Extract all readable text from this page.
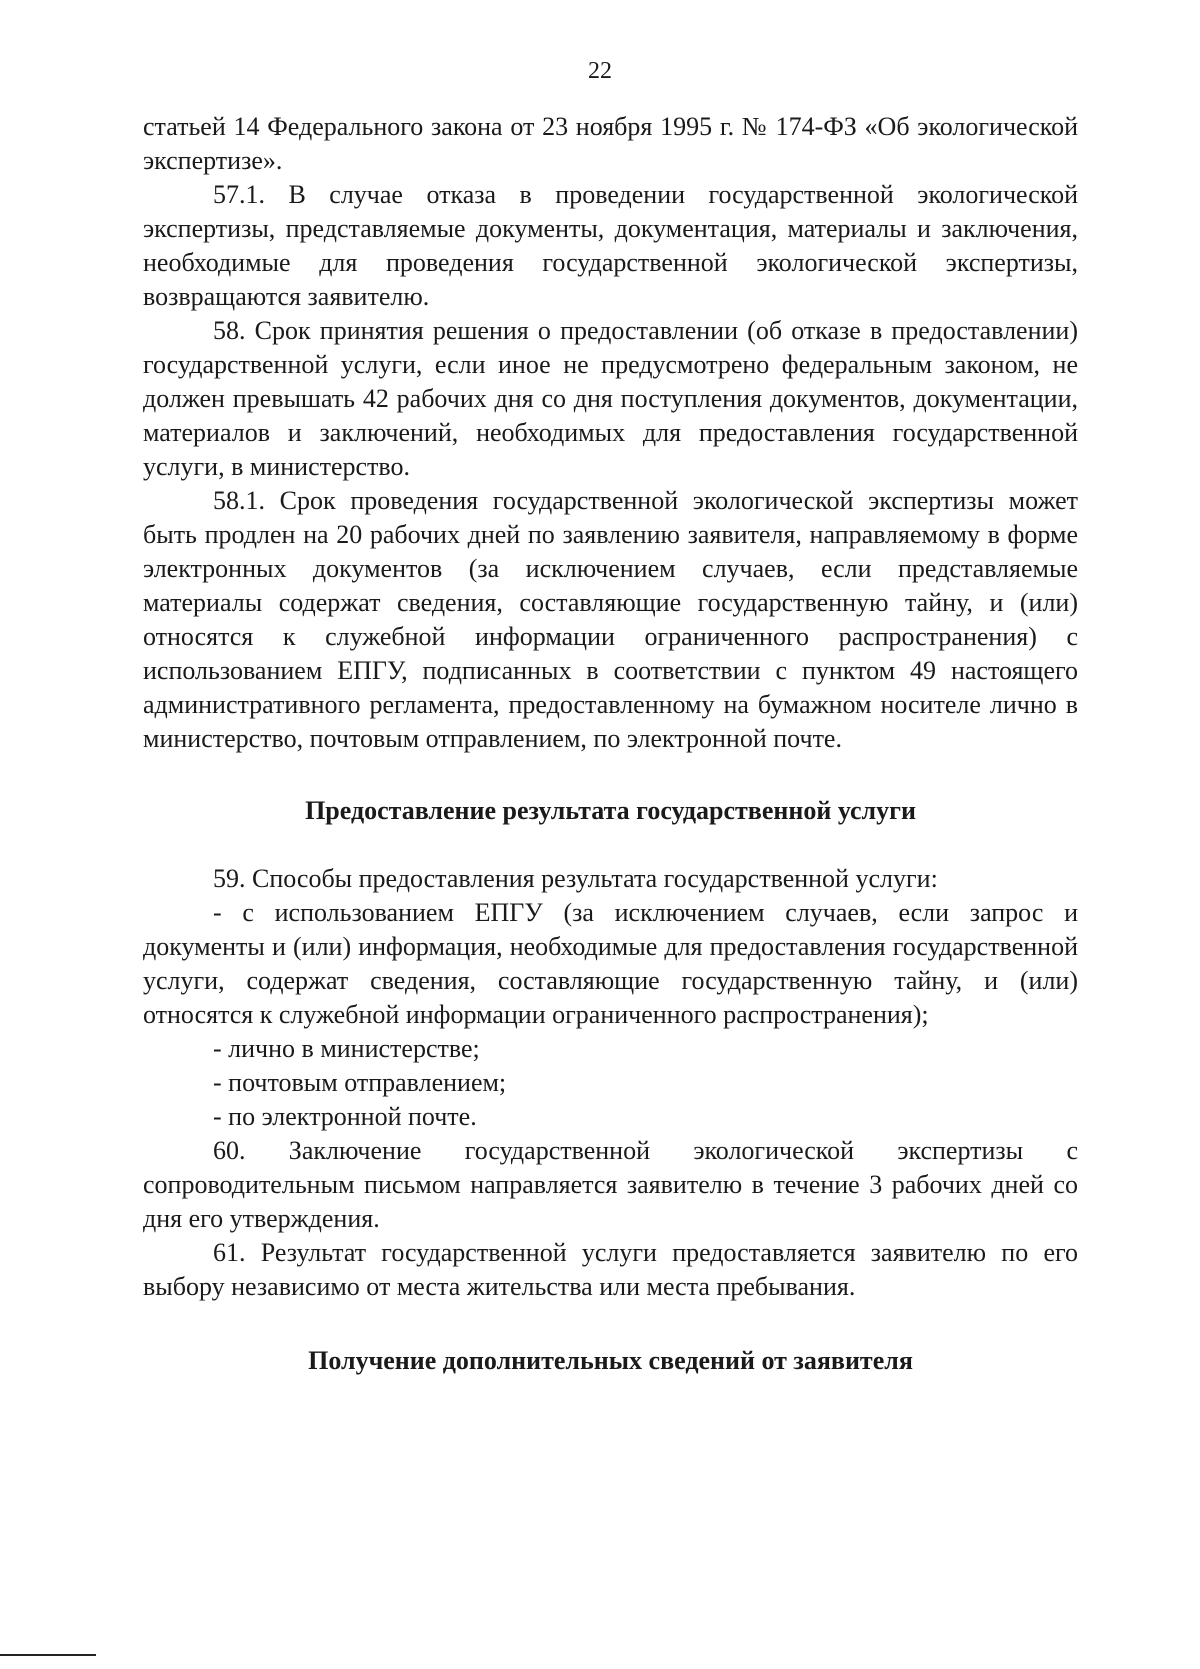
22

статьей 14 Федерального закона от 23 ноября 1995 г. № 174-ФЗ «Об экологической экспертизе».

57.1. В случае отказа в проведении государственной экологической экспертизы, представляемые документы, документация, материалы и заключения, необходимые для проведения государственной экологической экспертизы, возвращаются заявителю.

58. Срок принятия решения о предоставлении (об отказе в предоставлении) государственной услуги, если иное не предусмотрено федеральным законом, не должен превышать 42 рабочих дня со дня поступления документов, документации, материалов и заключений, необходимых для предоставления государственной услуги, в министерство.

58.1. Срок проведения государственной экологической экспертизы может быть продлен на 20 рабочих дней по заявлению заявителя, направляемому в форме электронных документов (за исключением случаев, если представляемые материалы содержат сведения, составляющие государственную тайну, и (или) относятся к служебной информации ограниченного распространения) с использованием ЕПГУ, подписанных в соответствии с пунктом 49 настоящего административного регламента, предоставленному на бумажном носителе лично в министерство, почтовым отправлением, по электронной почте.

Предоставление результата государственной услуги

59. Способы предоставления результата государственной услуги:

- с использованием ЕПГУ (за исключением случаев, если запрос и документы и (или) информация, необходимые для предоставления государственной услуги, содержат сведения, составляющие государственную тайну, и (или) относятся к служебной информации ограниченного распространения);

- лично в министерстве;

- почтовым отправлением;

- по электронной почте.

60. Заключение государственной экологической экспертизы с сопроводительным письмом направляется заявителю в течение 3 рабочих дней со дня его утверждения.

61. Результат государственной услуги предоставляется заявителю по его выбору независимо от места жительства или места пребывания.

Получение дополнительных сведений от заявителя
